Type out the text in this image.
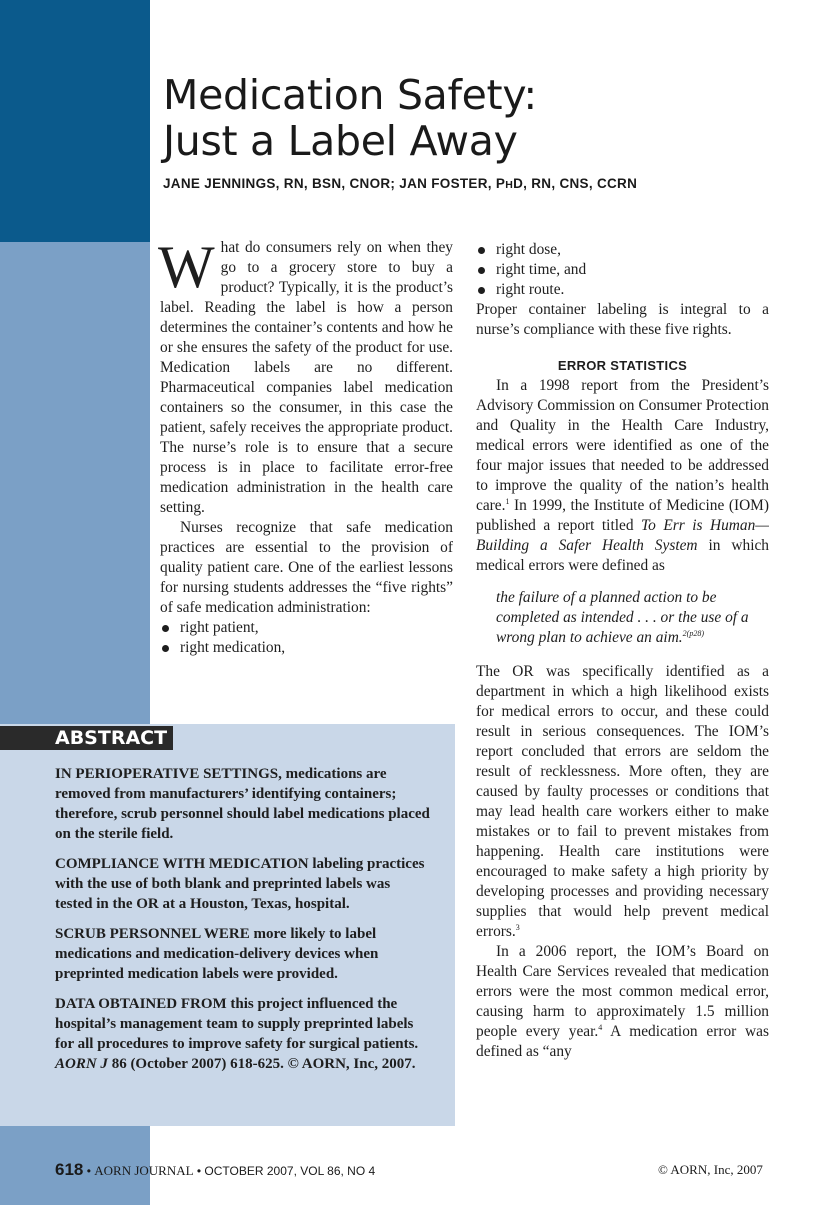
Medication Safety:
Just a Label Away
JANE JENNINGS, RN, BSN, CNOR; JAN FOSTER, PHD, RN, CNS, CCRN

What do consumers rely on when they go to a grocery store to buy a product? Typically, it is the product’s label. Reading the label is how a person determines the container’s contents and how he or she ensures the safety of the product for use. Medication labels are no different. Pharmaceutical companies label medication containers so the consumer, in this case the patient, safely receives the appropriate product. The nurse’s role is to ensure that a secure process is in place to facilitate error-free medication administration in the health care setting.

Nurses recognize that safe medication practices are essential to the provision of quality patient care. One of the earliest lessons for nursing students addresses the “five rights” of safe medication administration:

right patient,
right medication,
right dose,
right time, and
right route.

Proper container labeling is integral to a nurse’s compliance with these five rights.

ERROR STATISTICS

In a 1998 report from the President’s Advisory Commission on Consumer Protection and Quality in the Health Care Industry, medical errors were identified as one of the four major issues that needed to be addressed to improve the quality of the nation’s health care.$^1$ In 1999, the Institute of Medicine (IOM) published a report titled To Err is Human—Building a Safer Health System in which medical errors were defined as

the failure of a planned action to be completed as intended . . . or the use of a wrong plan to achieve an aim.$^{2(p28)}$

The OR was specifically identified as a department in which a high likelihood exists for medical errors to occur, and these could result in serious consequences. The IOM’s report concluded that errors are seldom the result of recklessness. More often, they are caused by faulty processes or conditions that may lead health care workers either to make mistakes or to fail to prevent mistakes from happening. Health care institutions were encouraged to make safety a high priority by developing processes and providing necessary supplies that would help prevent medical errors.$^3$

In a 2006 report, the IOM’s Board on Health Care Services revealed that medication errors were the most common medical error, causing harm to approximately 1.5 million people every year.$^4$ A medication error was defined as “any

ABSTRACT

IN PERIOPERATIVE SETTINGS, medications are removed from manufacturers’ identifying containers; therefore, scrub personnel should label medications placed on the sterile field.

COMPLIANCE WITH MEDICATION labeling practices with the use of both blank and preprinted labels was tested in the OR at a Houston, Texas, hospital.

SCRUB PERSONNEL WERE more likely to label medications and medication-delivery devices when preprinted medication labels were provided.

DATA OBTAINED FROM this project influenced the hospital’s management team to supply preprinted labels for all procedures to improve safety for surgical patients. AORN J 86 (October 2007) 618-625. © AORN, Inc, 2007.

618 • AORN JOURNAL • OCTOBER 2007, VOL 86, NO 4	© AORN, Inc, 2007
